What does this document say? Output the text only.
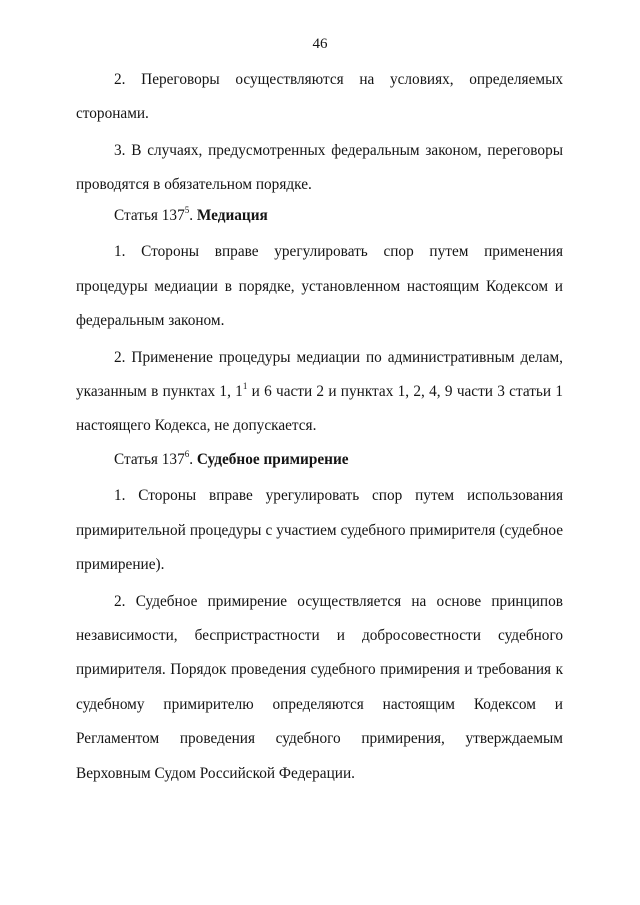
46

2. Переговоры осуществляются на условиях, определяемых сторонами.

3. В случаях, предусмотренных федеральным законом, переговоры проводятся в обязательном порядке.

Статья $137^5$. Медиация

1. Стороны вправе урегулировать спор путем применения процедуры медиации в порядке, установленном настоящим Кодексом и федеральным законом.

2. Применение процедуры медиации по административным делам, указанным в пунктах 1, $1^1$ и 6 части 2 и пунктах 1, 2, 4, 9 части 3 статьи 1 настоящего Кодекса, не допускается.

Статья $137^6$. Судебное примирение

1. Стороны вправе урегулировать спор путем использования примирительной процедуры с участием судебного примирителя (судебное примирение).

2. Судебное примирение осуществляется на основе принципов независимости, беспристрастности и добросовестности судебного примирителя. Порядок проведения судебного примирения и требования к судебному примирителю определяются настоящим Кодексом и Регламентом проведения судебного примирения, утверждаемым Верховным Судом Российской Федерации.
